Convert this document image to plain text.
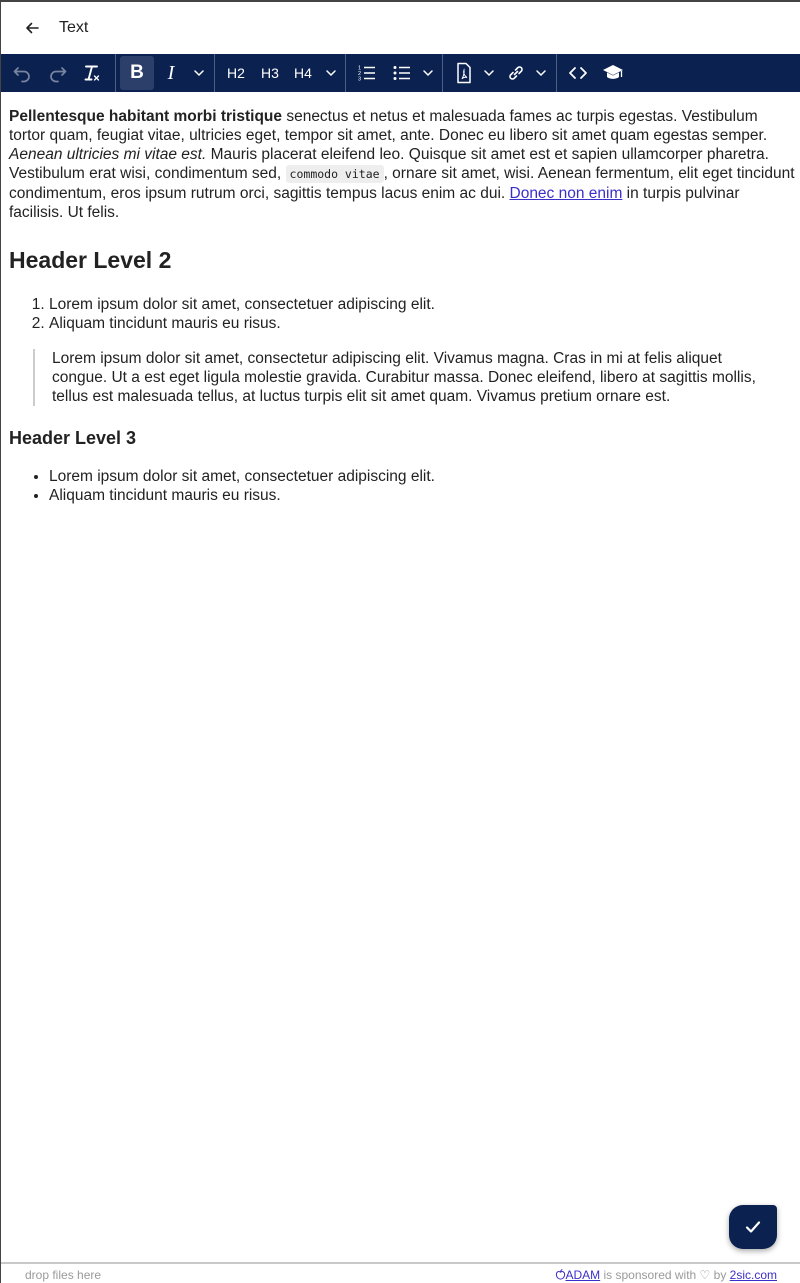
Text
B I	H2 H3 H4	1
2
3

Pellentesque habitant morbi tristique senectus et netus et malesuada fames ac turpis egestas. Vestibulum tortor quam, feugiat vitae, ultricies eget, tempor sit amet, ante. Donec eu libero sit amet quam egestas semper. Aenean ultricies mi vitae est. Mauris placerat eleifend leo. Quisque sit amet est et sapien ullamcorper pharetra. Vestibulum erat wisi, condimentum sed, commodo vitae , ornare sit amet, wisi. Aenean fermentum, elit eget tincidunt condimentum, eros ipsum rutrum orci, sagittis tempus lacus enim ac dui. Donec non enim in turpis pulvinar facilisis. Ut felis.

Header Level 2
1. Lorem ipsum dolor sit amet, consectetuer adipiscing elit.
2. Aliquam tincidunt mauris eu risus.
Lorem ipsum dolor sit amet, consectetur adipiscing elit. Vivamus magna. Cras in mi at felis aliquet congue. Ut a est eget ligula molestie gravida. Curabitur massa. Donec eleifend, libero at sagittis mollis, tellus est malesuada tellus, at luctus turpis elit sit amet quam. Vivamus pretium ornare est.
Header Level 3
• Lorem ipsum dolor sit amet, consectetuer adipiscing elit.
• Aliquam tincidunt mauris eu risus.
drop files here	ADAM is sponsored with ♡ by 2sic.com
